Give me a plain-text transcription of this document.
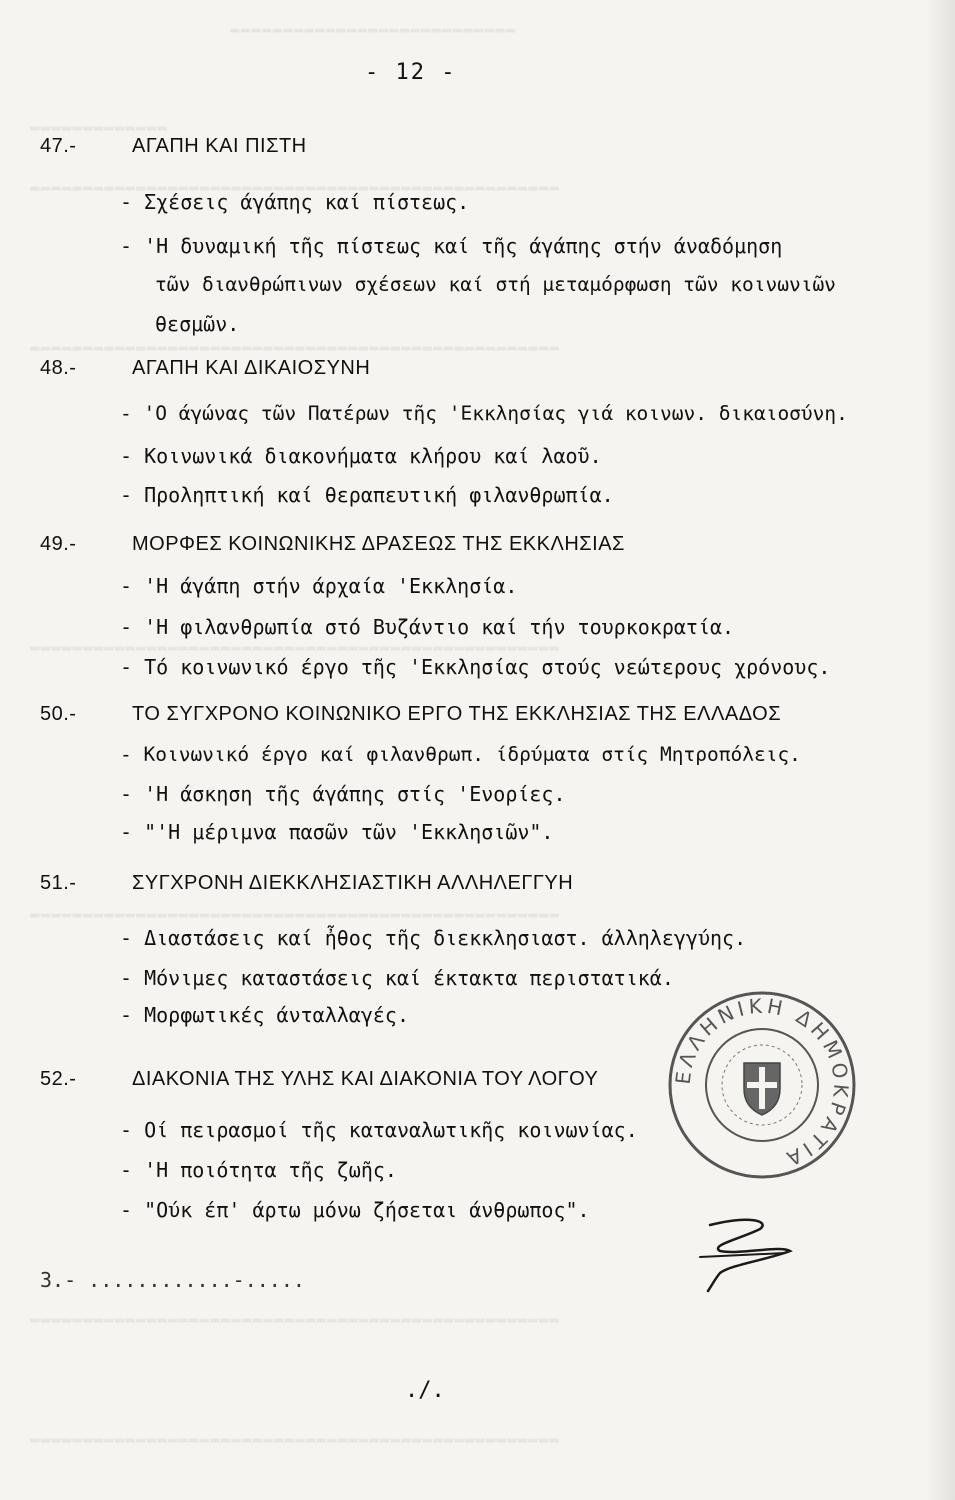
▬▬▬▬▬▬▬▬▬▬▬▬▬▬▬▬▬▬▬▬▬▬▬▬▬▬▬
▬▬▬▬▬▬▬▬▬▬▬▬▬
▬▬▬▬▬▬▬▬▬▬▬▬▬▬▬▬▬▬▬▬▬▬▬▬▬▬▬▬▬▬▬▬▬▬▬▬▬▬▬▬▬▬▬▬▬▬▬▬▬▬
▬▬▬▬▬▬▬▬▬▬▬▬▬▬▬▬▬▬▬▬▬▬▬▬▬▬▬▬▬▬▬▬▬▬▬▬▬▬▬▬▬▬▬▬▬▬▬▬▬▬
▬▬▬▬▬▬▬▬▬▬▬▬▬▬▬▬▬▬▬▬▬▬▬▬▬▬▬▬▬▬▬▬▬▬▬▬▬▬▬▬▬▬▬▬▬▬▬▬▬▬
▬▬▬▬▬▬▬▬▬▬▬▬▬▬▬▬▬▬▬▬▬▬▬▬▬▬▬▬▬▬▬▬▬▬▬▬▬▬▬▬▬▬▬▬▬▬▬▬▬▬
▬▬▬▬▬▬▬▬▬▬▬▬▬▬▬▬▬▬▬▬▬▬▬▬▬▬▬▬▬▬▬▬▬▬▬▬▬▬▬▬▬▬▬▬▬▬▬▬▬▬
▬▬▬▬▬▬▬▬▬▬▬▬▬▬▬▬▬▬▬▬▬▬▬▬▬▬▬▬▬▬▬▬▬▬▬▬▬▬▬▬▬▬▬▬▬▬▬▬▬▬
- 12 -
47.-	ΑΓΑΠΗ ΚΑΙ ΠΙΣΤΗ
- Σχέσεις άγάπης καί πίστεως.
- 'Η δυναμική τῆς πίστεως καί τῆς άγάπης στήν άναδόμηση
τῶν διανθρώπινων σχέσεων καί στή μεταμόρφωση τῶν κοινωνιῶν
θεσμῶν.
48.-	ΑΓΑΠΗ ΚΑΙ ΔΙΚΑΙΟΣΥΝΗ
- 'Ο άγώνας τῶν Πατέρων τῆς 'Εκκλησίας γιά κοινων. δικαιοσύνη.
- Κοινωνικά διακονήματα κλήρου καί λαοῦ.
- Προληπτική καί θεραπευτική φιλανθρωπία.
49.-	ΜΟΡΦΕΣ ΚΟΙΝΩΝΙΚΗΣ ΔΡΑΣΕΩΣ ΤΗΣ ΕΚΚΛΗΣΙΑΣ
- 'Η άγάπη στήν άρχαία 'Εκκλησία.
- 'Η φιλανθρωπία στό Βυζάντιο καί τήν τουρκοκρατία.
- Τό κοινωνικό έργο τῆς 'Εκκλησίας στούς νεώτερους χρόνους.
50.-	ΤΟ ΣΥΓΧΡΟΝΟ ΚΟΙΝΩΝΙΚΟ ΕΡΓΟ ΤΗΣ ΕΚΚΛΗΣΙΑΣ ΤΗΣ ΕΛΛΑΔΟΣ
- Κοινωνικό έργο καί φιλανθρωπ. ίδρύματα στίς Μητροπόλεις.
- 'Η άσκηση τῆς άγάπης στίς 'Ενορίες.
- "'Η μέριμνα πασῶν τῶν 'Εκκλησιῶν".
51.-	ΣΥΓΧΡΟΝΗ ΔΙΕΚΚΛΗΣΙΑΣΤΙΚΗ ΑΛΛΗΛΕΓΓΥΗ
- Διαστάσεις καί ἦθος τῆς διεκκλησιαστ. άλληλεγγύης.
- Μόνιμες καταστάσεις καί έκτακτα περιστατικά.
- Μορφωτικές άνταλλαγές.
52.-	ΔΙΑΚΟΝΙΑ ΤΗΣ ΥΛΗΣ ΚΑΙ ΔΙΑΚΟΝΙΑ ΤΟΥ ΛΟΓΟΥ
- Οί πειρασμοί τῆς καταναλωτικῆς κοινωνίας.
- 'Η ποιότητα τῆς ζωῆς.
- "Ούκ έπ' άρτω μόνω ζήσεται άνθρωπος".
3.- ............-.....
ΕΛΛΗΝΙΚΗ ΔΗΜΟΚΡΑΤΙΑ
./.
